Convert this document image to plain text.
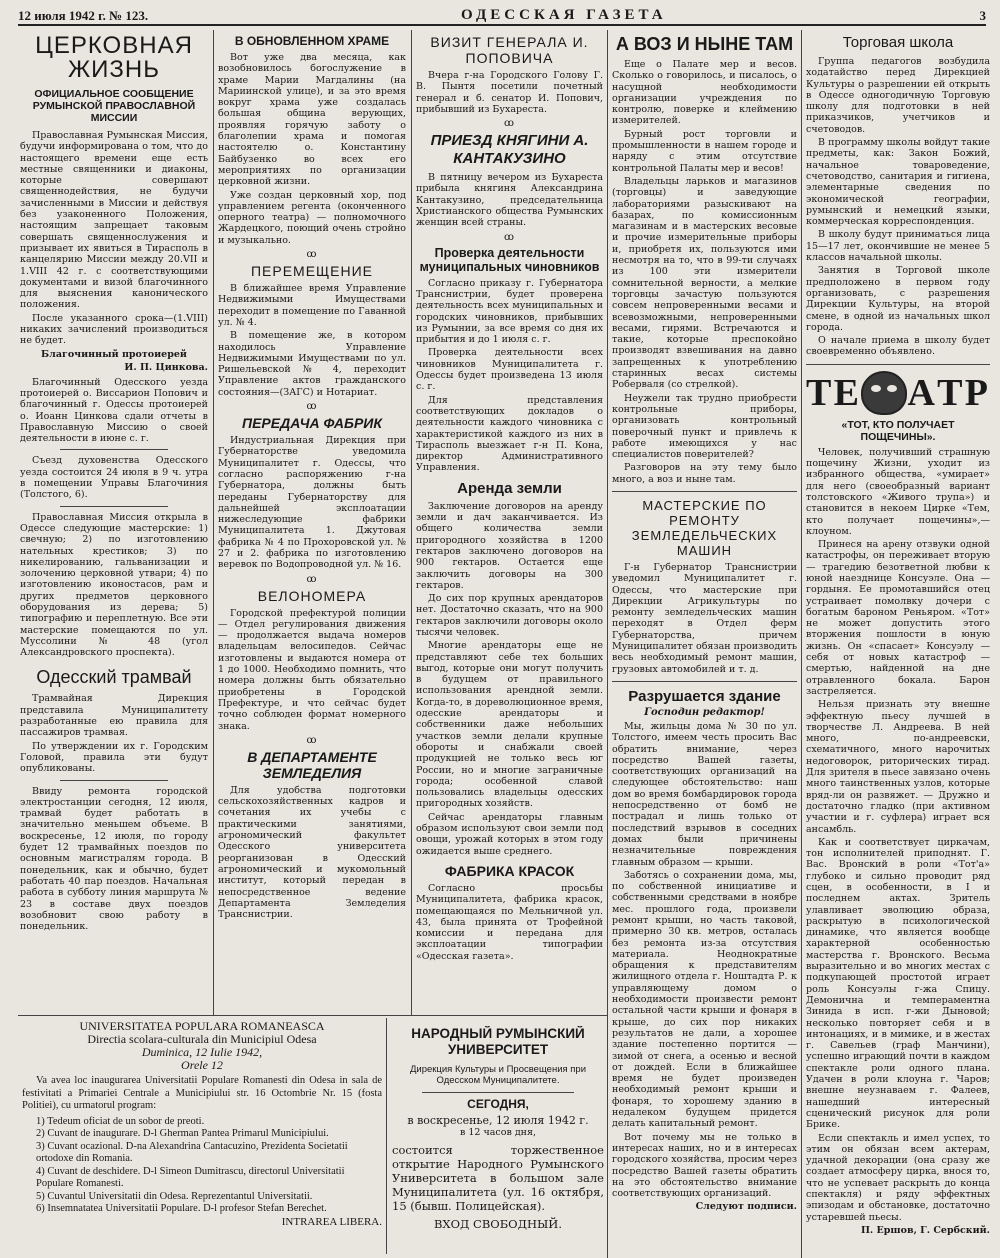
12 июля 1942 г. № 123.	ОДЕССКАЯ ГАЗЕТА	3
ЦЕРКОВНАЯ ЖИЗНЬ
ОФИЦИАЛЬНОЕ СООБЩЕНИЕ РУМЫНСКОЙ ПРАВОСЛАВНОЙ МИССИИ

Православная Румынская Миссия, будучи информирована о том, что до настоящего времени еще есть местные священники и диаконы, которые совершают священнодействия, не будучи зачисленными в Миссии и действуя без узаконенного Положения, настоящим запрещает таковым совершать священнослужения и призывает их явиться в Тирасполь в канцелярию Миссии между 20.VII и 1.VIII 42 г. с соответствующими документами и визой благочинного для выяснения канонического положения.

После указанного срока—(1.VIII) никаких зачислений производиться не будет.

Благочинный протоиерей
И. П. Цинкова.

Благочинный Одесского уезда протоиерей о. Виссарион Попович и благочинный г. Одессы протоиерей о. Иоанн Цинкова сдали отчеты в Православную Миссию о своей деятельности в июне с. г.

Съезд духовенства Одесского уезда состоится 24 июля в 9 ч. утра в помещении Управы Благочиния (Толстого, 6).

Православная Миссия открыла в Одессе следующие мастерские: 1) свечную; 2) по изготовлению нательных крестиков; 3) по никелированию, гальванизации и золочению церковной утвари; 4) по изготовлению иконостасов, рам и других предметов церковного оборудования из дерева; 5) типографию и переплетную. Все эти мастерские помещаются по ул. Муссолини № 48 (угол Александровского проспекта).

Одесский трамвай

Трамвайная Дирекция представила Муниципалитету разработанные ею правила для пассажиров трамвая.

По утверждении их г. Городским Головой, правила эти будут опубликованы.

Ввиду ремонта городской электростанции сегодня, 12 июля, трамвай будет работать в значительно меньшем объеме. В воскресенье, 12 июля, по городу будет 12 трамвайных поездов по основным магистралям города. В понедельник, как и обычно, будет работать 40 пар поездов. Начальная работа в субботу линия маршрута № 23 в составе двух поездов возобновит свою работу в понедельник.

В ОБНОВЛЕННОМ ХРАМЕ

Вот уже два месяца, как возобновилось богослужение в храме Марии Магдалины (на Мариинской улице), и за это время вокруг храма уже создалась большая община верующих, проявляя горячую заботу о благолепии храма и помогая настоятелю о. Константину Байбузенко во всех его мероприятиях по организации церковной жизни.

Уже создан церковный хор, под управлением регента (оконченного оперного театра) — полномочного Жардецкого, поющий очень стройно и музыкально.

ꝏ
ПЕРЕМЕЩЕНИЕ

В ближайшее время Управление Недвижимыми Имуществами переходит в помещение по Гаванной ул. № 4.

В помещение же, в котором находилось Управление Недвижимыми Имуществами по ул. Ришельевской № 4, переходит Управление актов гражданского состояния—(ЗАГС) и Нотариат.

ꝏ
ПЕРЕДАЧА ФАБРИК

Индустриальная Дирекция при Губернаторстве уведомила Муниципалитет г. Одессы, что согласно распоряжению г-на Губернатора, должны быть переданы Губернаторству для дальнейшей эксплоатации нижеследующие фабрики Муниципалитета 1. Джутовая фабрика № 4 по Прохоровской ул. № 27 и 2. фабрика по изготовлению веревок по Водопроводной ул. № 16.

ꝏ
ВЕЛОНОМЕРА

Городской префектурой полиции — Отдел регулирования движения — продолжается выдача номеров владельцам велосипедов. Сейчас изготовлены и выдаются номера от 1 до 1000. Необходимо помнить, что номера должны быть обязательно приобретены в Городской Префектуре, и что сейчас будет точно соблюден формат номерного знака.

ꝏ
В ДЕПАРТАМЕНТЕ ЗЕМЛЕДЕЛИЯ

Для удобства подготовки сельскохозяйственных кадров и сочетания их учебы с практическими занятиями, агрономический факультет Одесского университета реорганизован в Одесский агрономический и мукомольный институт, который передан в непосредственное ведение Департамента Земледелия Транснистрии.

ВИЗИТ ГЕНЕРАЛА И. ПОПОВИЧА

Вчера г-на Городского Голову Г. В. Пынтя посетили почетный генерал и б. сенатор И. Попович, прибывший из Бухареста.

ꝏ
ПРИЕЗД КНЯГИНИ А. КАНТАКУЗИНО

В пятницу вечером из Бухареста прибыла княгиня Александрина Кантакузино, председательница Христианского общества Румынских женщин всей страны.

ꝏ
Проверка деятельности муниципальных чиновников

Согласно приказу г. Губернатора Транснистрии, будет проверена деятельность всех муниципальных и городских чиновников, прибывших из Румынии, за все время со дня их прибытия и до 1 июля с. г.

Проверка деятельности всех чиновников Муниципалитета г. Одессы будет произведена 13 июля с. г.

Для представления соответствующих докладов о деятельности каждого чиновника с характеристикой каждого из них в Тирасполь выезжает г-н П. Кона, директор Административного Управления.

Аренда земли

Заключение договоров на аренду земли и дач заканчивается. Из общего количества земли пригородного хозяйства в 1200 гектаров заключено договоров на 900 гектаров. Остается еще заключить договоры на 300 гектаров.

До сих пор крупных арендаторов нет. Достаточно сказать, что на 900 гектаров заключили договоры около тысячи человек.

Многие арендаторы еще не представляют себе тех больших выгод, которые они могут получить в будущем от правильного использования арендной земли. Когда-то, в дореволюционное время, одесские арендаторы и собственники даже небольших участков земли делали крупные обороты и снабжали своей продукцией не только весь юг России, но и многие заграничные города; особенной славой пользовались владельцы одесских пригородных хозяйств.

Сейчас арендаторы главным образом используют свои земли под овощи, урожай которых в этом году ожидается выше среднего.

ФАБРИКА КРАСОК

Согласно просьбы Муниципалитета, фабрика красок, помещающаяся по Мельничной ул. 43, была принята от Трофейной комиссии и передана для эксплоатации типографии «Одесская газета».

А ВОЗ И НЫНЕ ТАМ

Еще о Палате мер и весов. Сколько о говорилось, и писалось, о насущной необходимости организации учреждения по контролю, поверке и клеймению измерителей.

Бурный рост торговли и промышленности в нашем городе и наряду с этим отсутствие контрольной Палаты мер и весов!

Владельцы ларьков и магазинов (торговцы) и заведующие лабораториями разыскивают на базарах, по комиссионным магазинам и в мастерских весовые и прочие измерительные приборы и, приобретя их, пользуются ими несмотря на то, что в 99-ти случаях из 100 эти измерители сомнительной верности, а мелкие торговцы зачастую пользуются совсем непроверенными весами и всевозможными, непроверенными весами, гирями. Встречаются и такие, которые преспокойно производят взвешивания на давно запрещенных к употреблению старинных весах системы Роберваля (со стрелкой).

Неужели так трудно приобрести контрольные приборы, организовать контрольный поверочный пункт и привлечь к работе имеющихся у нас специалистов поверителей?

Разговоров на эту тему было много, а воз и ныне там.

МАСТЕРСКИЕ ПО РЕМОНТУ ЗЕМЛЕДЕЛЬЧЕСКИХ МАШИН

Г-н Губернатор Транснистрии уведомил Муниципалитет г. Одессы, что мастерские при Дирекции Агрикультуры по ремонту земледельческих машин переходят в Отдел ферм Губернаторства, причем Муниципалитет обязан производить весь необходимый ремонт машин, грузовых автомобилей и т. д.

Разрушается здание
Господин редактор!

Мы, жильцы дома № 30 по ул. Толстого, имеем честь просить Вас обратить внимание, через посредство Вашей газеты, соответствующих организаций на следующее обстоятельство: наш дом во время бомбардировок города непосредственно от бомб не пострадал и лишь только от последствий взрывов в соседних домах были причинены незначительные повреждения главным образом — крыши.

Заботясь о сохранении дома, мы, по собственной инициативе и собственными средствами в ноябре мес. прошлого года, произвели ремонт крыши, но часть таковой, примерно 30 кв. метров, осталась без ремонта из-за отсутствия материала. Неоднократные обращения к представителям жилищного отдела г. Ноштадта Р. к управляющему домом о необходимости произвести ремонт остальной части крыши и фонаря в крыше, до сих пор никаких результатов не дали, а хорошее здание постепенно портится — зимой от снега, а осенью и весной от дождей. Если в ближайшее время не будет произведен необходимый ремонт крыши и фонаря, то хорошему зданию в недалеком будущем придется делать капитальный ремонт.

Вот почему мы не только в интересах наших, но и в интересах городского хозяйства, просим через посредство Вашей газеты обратить на это обстоятельство внимание соответствующих организаций.

Следуют подписи.
Торговая школа

Группа педагогов возбудила ходатайство перед Дирекцией Культуры о разрешении ей открыть в Одессе одногодичную Торговую школу для подготовки в ней приказчиков, учетчиков и счетоводов.

В программу школы войдут такие предметы, как: Закон Божий, начальное товароведение, счетоводство, санитария и гигиена, элементарные сведения по экономической географии, румынский и немецкий языки, коммерческая корреспонденция.

В школу будут приниматься лица 15—17 лет, окончившие не менее 5 классов начальной школы.

Занятия в Торговой школе предположено в первом году организовать, с разрешения Дирекции Культуры, на второй смене, в одной из начальных школ города.

О начале приема в школу будет своевременно объявлено.

Т Е А Т Р
«ТОТ, КТО ПОЛУЧАЕТ ПОЩЕЧИНЫ».

Человек, получивший страшную пощечину Жизни, уходит из избранного общества, «умирает» для него (своеобразный вариант толстовского «Живого трупа») и становится в некоем Цирке «Тем, кто получает пощечины»,—клоуном.

Принеся на арену отзвуки одной катастрофы, он переживает вторую — трагедию безответной любви к юной наезднице Консуэле. Она — гордыня. Ее промотавшийся отец устраивает помолвку дочери с богатым бароном Реньяром. «Тот» не может допустить этого вторжения пошлости в юную жизнь. Он «спасает» Консуэлу — себя от новых катастроф — смертью, найденной на дне отравленного бокала. Барон застреляется.

Нельзя признать эту внешне эффектную пьесу лучшей в творчестве Л. Андреева. В ней много, по-андреевски, схематичного, много нарочитых недоговорок, риторических тирад. Для зрителя в пьесе завязано очень много таинственных узлов, которые вряд-ли он развяжет. — Дружно и достаточно гладко (при активном участии и г. суфлера) играет вся ансамбль.

Как и соответствует циркачам, тон исполнителей приподнят. Г. Вас. Вронский в роли «Тот'а» глубоко и сильно проводит ряд сцен, в особенности, в I и последнем актах. Зритель улавливает эволюцию образа, раскрытую в психологической динамике, что является вообще характерной особенностью мастерства г. Вронского. Весьма выразительно и во многих местах с подкупающей простотой играет роль Консуэлы г-жа Спицу. Демонична и темпераментна Зинида в исп. г-жи Дыновой; несколько повторяет себя и в интонациях, и в мимике, и в жестах г. Савельев (граф Манчини), успешно играющий почти в каждом спектакле роли одного плана. Удачен в роли клоуна г. Чаров; внешне неузнаваем г. Фалеев, нашедший интересный сценический рисунок для роли Брике.

Если спектакль и имел успех, то этим он обязан всем актерам, удачной декорации (она сразу же создает атмосферу цирка, внося то, что не успевает раскрыть до конца спектакля) и ряду эффектных эпизодам и обстановке, достаточно устаревшей пьесы.

П. Ершов, Г. Сербский.
UNIVERSITATEA POPULARA ROMANEASCA
Directia scolara-culturala din Municipiul Odesa
Duminica, 12 Iulie 1942,
Orele 12
Va avea loc inaugurarea Universitatii Populare Romanesti din Odesa in sala de festivitati a Primariei Centrale a Municipiului str. 16 Octombrie Nr. 15 (fosta Politiei), cu urmatorul program:
1) Tedeum oficiat de un sobor de preoti.
2) Cuvant de inaugurare. D-l Gherman Pantea Primarul Municipiului.
3) Cuvant ocazional. D-na Alexandrina Cantacuzino, Prezidenta Societatii ortodoxe din Romania.
4) Cuvant de deschidere. D-l Simeon Dumitrascu, directorul Universitatii Populare Romanesti.
5) Cuvantul Universitatii din Odesa. Reprezentantul Universitatii.
6) Insemnatatea Universitatii Populare. D-l profesor Stefan Berechet.
INTRAREA LIBERA.
НАРОДНЫЙ РУМЫНСКИЙ УНИВЕРСИТЕТ
Дирекция Культуры и Просвещения при Одесском Муниципалитете.
СЕГОДНЯ,
в воскресенье, 12 июля 1942 г.
в 12 часов дня,
состоится торжественное открытие Народного Румынского Университета в большом зале Муниципалитета (ул. 16 октября, 15 (бывш. Полицейская).
ВХОД СВОБОДНЫЙ.
